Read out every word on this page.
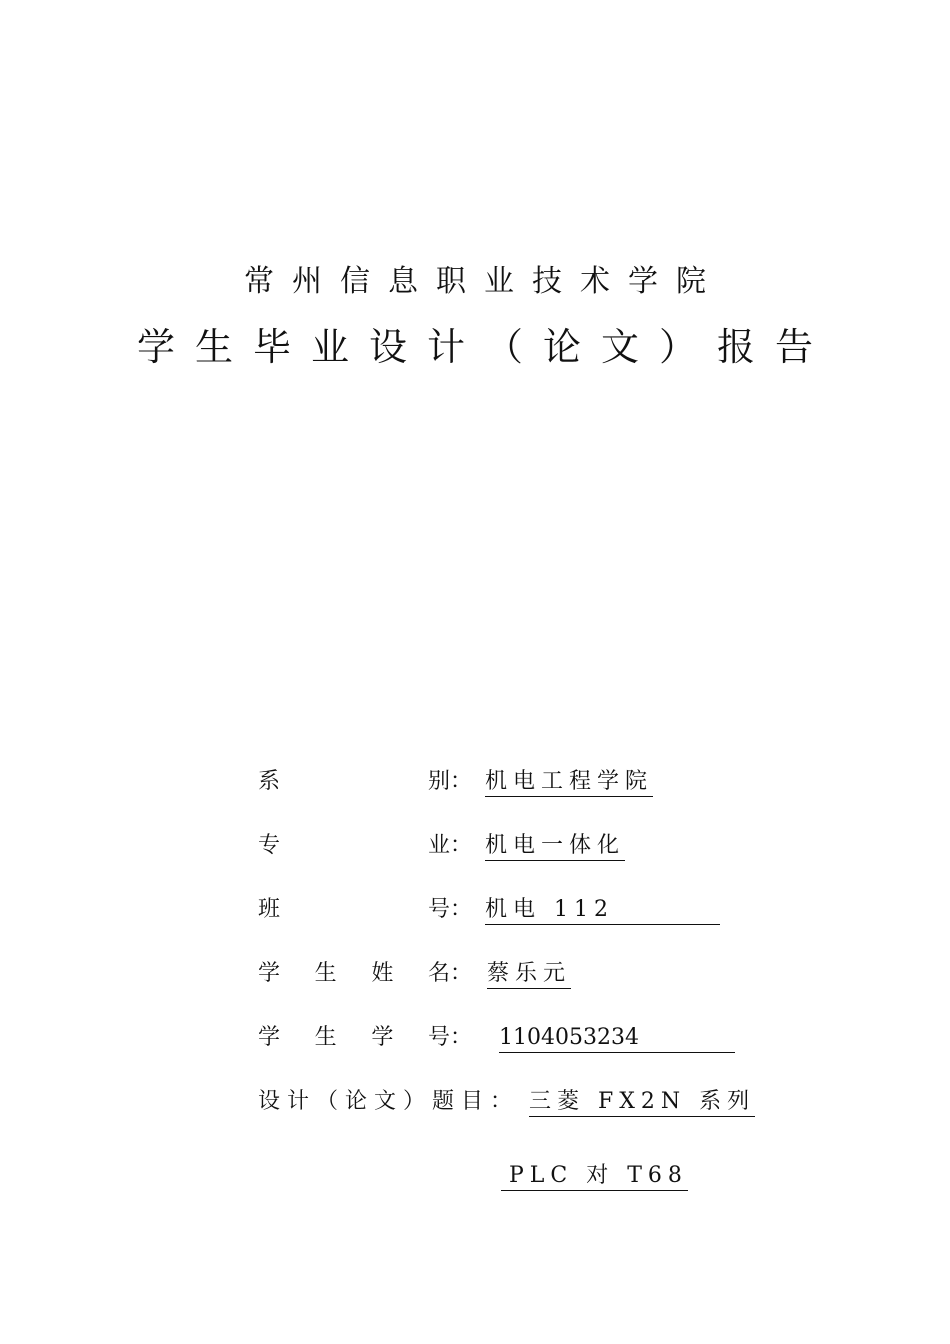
常州信息职业技术学院
学生毕业设计（论文）报告
系	别： 机电工程学院
专	业： 机电一体化
班	号： 机电 112
学 生 姓 名： 蔡乐元
学 生 学 号： 1104053234
设计（论文）题目： 三菱 FX2N 系列
PLC 对 T68
